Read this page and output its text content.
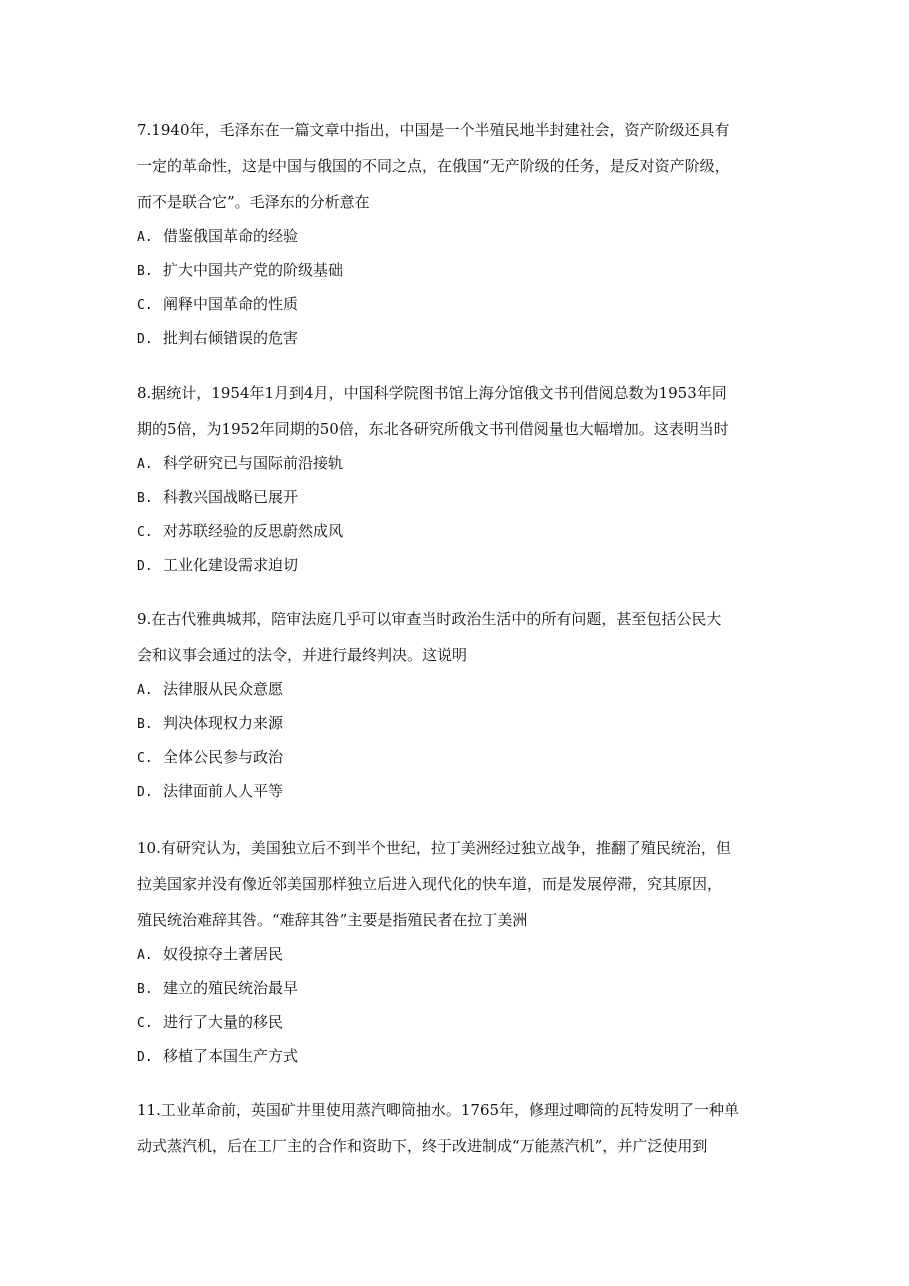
7.1940年，毛泽东在一篇文章中指出，中国是一个半殖民地半封建社会，资产阶级还具有
一定的革命性，这是中国与俄国的不同之点，在俄国“无产阶级的任务，是反对资产阶级，
而不是联合它”。毛泽东的分析意在

A. 借鉴俄国革命的经验
B. 扩大中国共产党的阶级基础
C. 阐释中国革命的性质
D. 批判右倾错误的危害

8.据统计，1954年1月到4月，中国科学院图书馆上海分馆俄文书刊借阅总数为1953年同
期的5倍，为1952年同期的50倍，东北各研究所俄文书刊借阅量也大幅增加。这表明当时

A. 科学研究已与国际前沿接轨
B. 科教兴国战略已展开
C. 对苏联经验的反思蔚然成风
D. 工业化建设需求迫切

9.在古代雅典城邦，陪审法庭几乎可以审查当时政治生活中的所有问题，甚至包括公民大
会和议事会通过的法令，并进行最终判决。这说明

A. 法律服从民众意愿
B. 判决体现权力来源
C. 全体公民参与政治
D. 法律面前人人平等

10.有研究认为，美国独立后不到半个世纪，拉丁美洲经过独立战争，推翻了殖民统治，但
拉美国家并没有像近邻美国那样独立后进入现代化的快车道，而是发展停滞，究其原因，
殖民统治难辞其咎。“难辞其咎”主要是指殖民者在拉丁美洲

A. 奴役掠夺土著居民
B. 建立的殖民统治最早
C. 进行了大量的移民
D. 移植了本国生产方式

11.工业革命前，英国矿井里使用蒸汽唧筒抽水。1765年，修理过唧筒的瓦特发明了一种单
动式蒸汽机，后在工厂主的合作和资助下，终于改进制成“万能蒸汽机”，并广泛使用到
